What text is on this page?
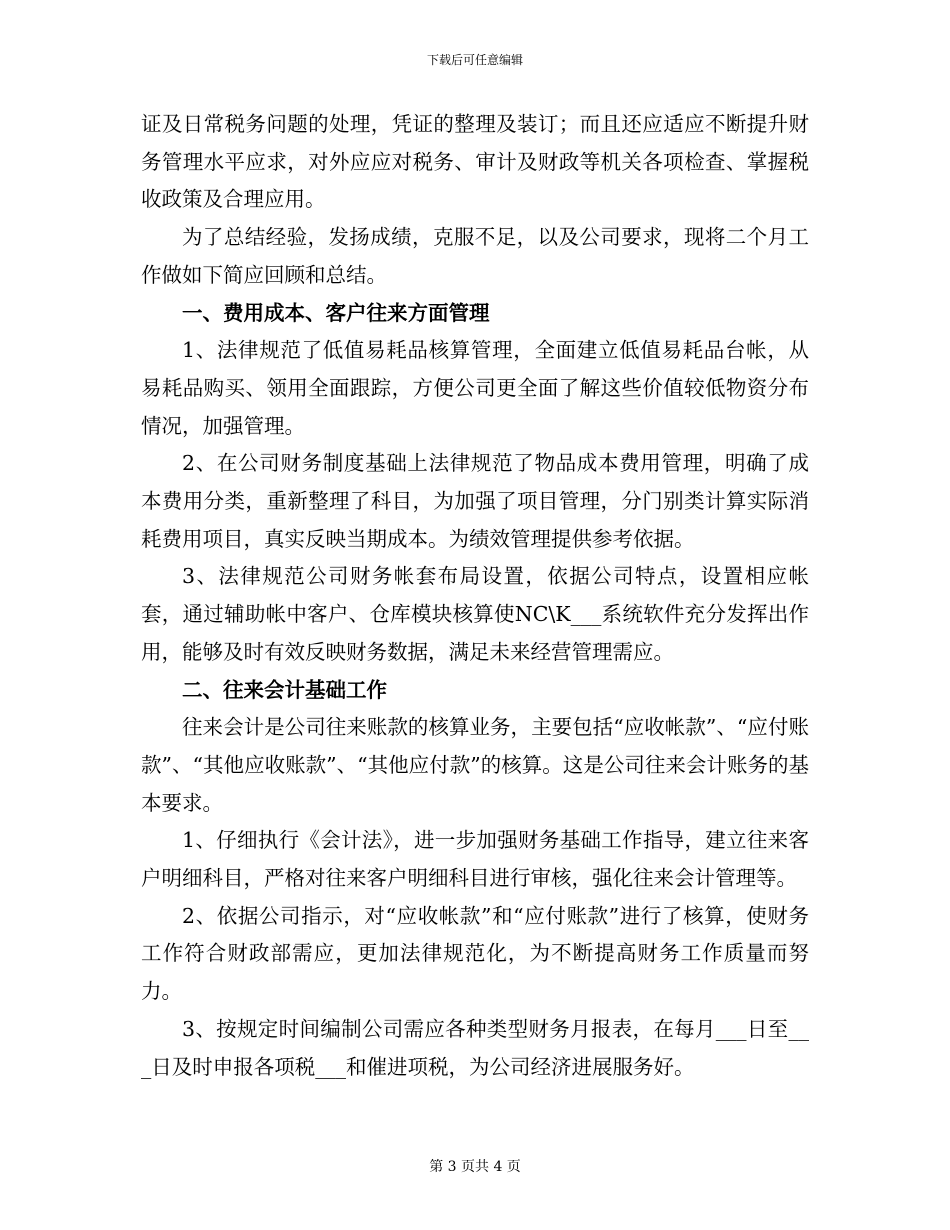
下载后可任意编辑

证及日常税务问题的处理，凭证的整理及装订；而且还应适应不断提升财务管理水平应求，对外应应对税务、审计及财政等机关各项检查、掌握税收政策及合理应用。

为了总结经验，发扬成绩，克服不足，以及公司要求，现将二个月工作做如下简应回顾和总结。

一、费用成本、客户往来方面管理

1、法律规范了低值易耗品核算管理，全面建立低值易耗品台帐，从易耗品购买、领用全面跟踪，方便公司更全面了解这些价值较低物资分布情况，加强管理。

2、在公司财务制度基础上法律规范了物品成本费用管理，明确了成本费用分类，重新整理了科目，为加强了项目管理，分门别类计算实际消耗费用项目，真实反映当期成本。为绩效管理提供参考依据。

3、法律规范公司财务帐套布局设置，依据公司特点，设置相应帐套，通过辅助帐中客户、仓库模块核算使NC\K___系统软件充分发挥出作用，能够及时有效反映财务数据，满足未来经营管理需应。

二、往来会计基础工作

往来会计是公司往来账款的核算业务，主要包括“应收帐款”、“应付账款”、“其他应收账款”、“其他应付款”的核算。这是公司往来会计账务的基本要求。

1、仔细执行《会计法》，进一步加强财务基础工作指导，建立往来客户明细科目，严格对往来客户明细科目进行审核，强化往来会计管理等。

2、依据公司指示，对“应收帐款”和“应付账款”进行了核算，使财务工作符合财政部需应，更加法律规范化，为不断提高财务工作质量而努力。

3、按规定时间编制公司需应各种类型财务月报表，在每月___日至___日及时申报各项税___和催进项税，为公司经济进展服务好。

第 3 页共 4 页
